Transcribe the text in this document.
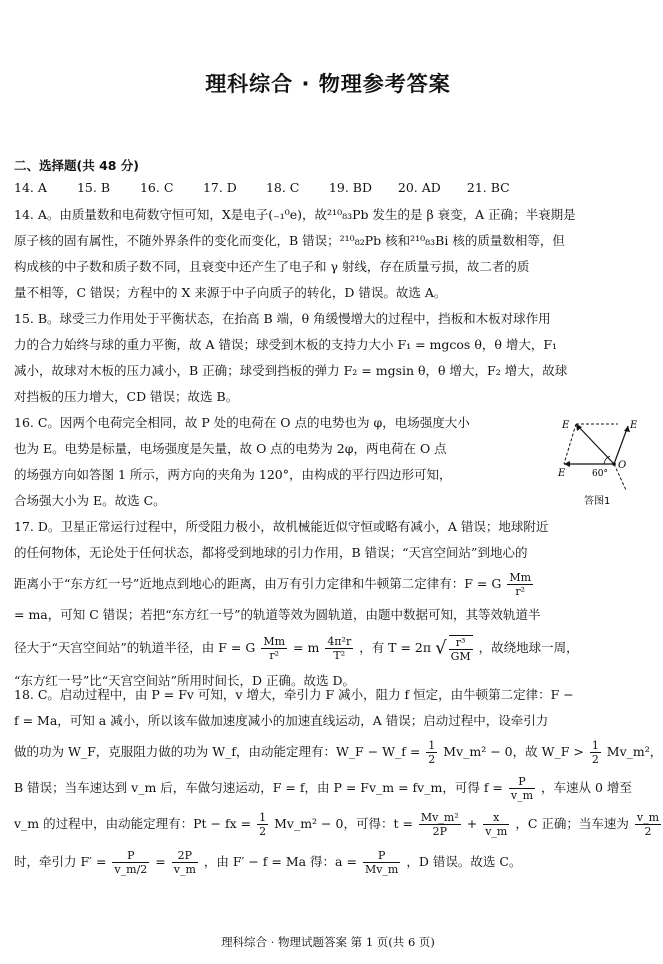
理科综合 · 物理参考答案
二、选择题(共 48 分)
14. A 15. B 16. C 17. D 18. C 19. BD 20. AD 21. BC
14. A。由质量数和电荷数守恒可知，X是电子(₋₁⁰e)，故²¹⁰₈₃Pb 发生的是 β 衰变，A 正确；半衰期是
原子核的固有属性，不随外界条件的变化而变化，B 错误；²¹⁰₈₂Pb 核和²¹⁰₈₃Bi 核的质量数相等，但
构成核的中子数和质子数不同，且衰变中还产生了电子和 γ 射线，存在质量亏损，故二者的质
量不相等，C 错误；方程中的 X 来源于中子向质子的转化，D 错误。故选 A。
15. B。球受三力作用处于平衡状态，在抬高 B 端，θ 角缓慢增大的过程中，挡板和木板对球作用
力的合力始终与球的重力平衡，故 A 错误；球受到木板的支持力大小 F₁ = mgcos θ，θ 增大，F₁
减小，故球对木板的压力减小，B 正确；球受到挡板的弹力 F₂ = mgsin θ，θ 增大，F₂ 增大，故球
对挡板的压力增大，CD 错误；故选 B。
16. C。因两个电荷完全相同，故 P 处的电荷在 O 点的电势也为 φ，电场强度大小
也为 E。电势是标量，电场强度是矢量，故 O 点的电势为 2φ，两电荷在 O 点
的场强方向如答图 1 所示，两方向的夹角为 120°，由构成的平行四边形可知，
合场强大小为 E。故选 C。
E	E
E
O
60°
答图1
17. D。卫星正常运行过程中，所受阻力极小，故机械能近似守恒或略有减小，A 错误；地球附近
的任何物体，无论处于任何状态，都将受到地球的引力作用，B 错误；“天宫空间站”到地心的
距离小于“东方红一号”近地点到地心的距离，由万有引力定律和牛顿第二定律有：F = G $\frac{Mm}{\text{r²}}$
= ma，可知 C 错误；若把“东方红一号”的轨道等效为圆轨道，由题中数据可知，其等效轨道半
径大于“天宫空间站”的轨道半径，由 F = G $\frac{Mm}{\text{r²}} = m \frac{\text{4π²r}}{\text{T²}}$ ，有 T = 2π √ $\frac{\text{r³}}{GM}$ ，故绕地球一周，
“东方红一号”比“天宫空间站”所用时间长，D 正确。故选 D。
18. C。启动过程中，由 P = Fv 可知，v 增大，牵引力 F 减小，阻力 f 恒定，由牛顿第二定律：F −
f = Ma，可知 a 减小，所以该车做加速度减小的加速直线运动，A 错误；启动过程中，设牵引力
做的功为 W_F，克服阻力做的功为 W_f，由动能定理有：W_F − W_f = $\frac{1}{2}$ Mv_m² − 0，故 W_F > $\frac{1}{2}$ Mv_m²，
B 错误；当车速达到 v_m 后，车做匀速运动，F = f，由 P = Fv_m = fv_m，可得 $f = \frac{P}{v\_m}$ ，车速从 0 增至
v_m 的过程中，由动能定理有：Pt − fx = $\frac{1}{2}$ Mv_m² − 0，可得：$t = \frac{\text{Mv\_m²}}{2P} + \frac{x}{v\_m}$ ，C 正确；当车速为 $\frac{v\_m}{2}$
时，牵引力 $F' = \frac{P}{v\_m/2} = \frac{2P}{v\_m}$ ，由 F′ − f = Ma 得：$a = \frac{P}{Mv\_m}$ ，D 错误。故选 C。
理科综合 · 物理试题答案 第 1 页(共 6 页)
